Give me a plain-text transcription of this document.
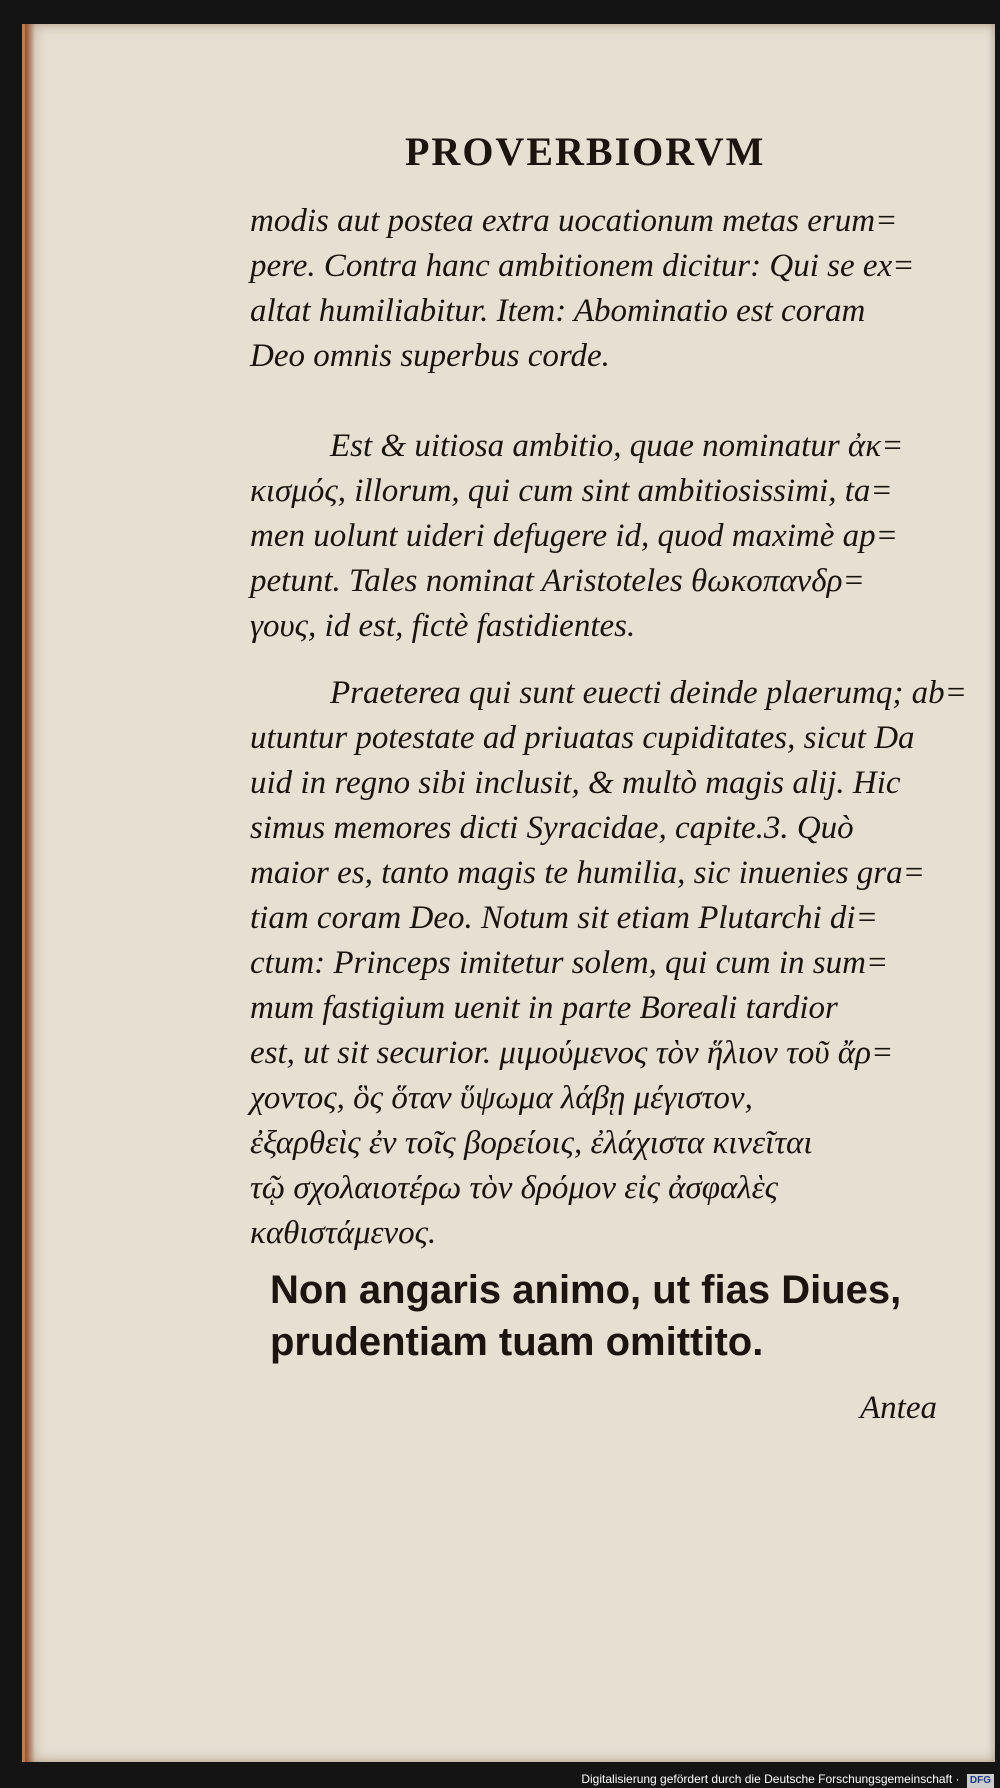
PROVERBIORVM

modis aut postea extra uocationum metas erum=
pere. Contra hanc ambitionem dicitur: Qui se ex=
altat humiliabitur. Item: Abominatio est coram
Deo omnis superbus corde.

Est & uitiosa ambitio, quae nominatur ἀκ=
κισμός, illorum, qui cum sint ambitiosissimi, ta=
men uolunt uideri defugere id, quod maximè ap=
petunt. Tales nominat Aristoteles θωκοπανδρ=
γους, id est, fictè fastidientes.

Praeterea qui sunt euecti deinde plaerumq; ab=
utuntur potestate ad priuatas cupiditates, sicut Da
uid in regno sibi inclusit, & multò magis alij. Hic
simus memores dicti Syracidae, capite.3. Quò
maior es, tanto magis te humilia, sic inuenies gra=
tiam coram Deo. Notum sit etiam Plutarchi di=
ctum: Princeps imitetur solem, qui cum in sum=
mum fastigium uenit in parte Boreali tardior
est, ut sit securior. μιμούμενος τὸν ἥλιον τοῦ ἄρ=
χοντος, ὃς ὅταν ὕψωμα λάβῃ μέγιστον,
ἐξαρθεὶς ἐν τοῖς βορείοις, ἐλάχιστα κινεῖται
τῷ σχολαιοτέρω τὸν δρόμον εἰς ἀσφαλὲς
καθιστάμενος.

Non angaris animo, ut fias Diues,
prudentiam tuam omittito.
Antea
Digitalisierung gefördert durch die Deutsche Forschungsgemeinschaft · DFG
